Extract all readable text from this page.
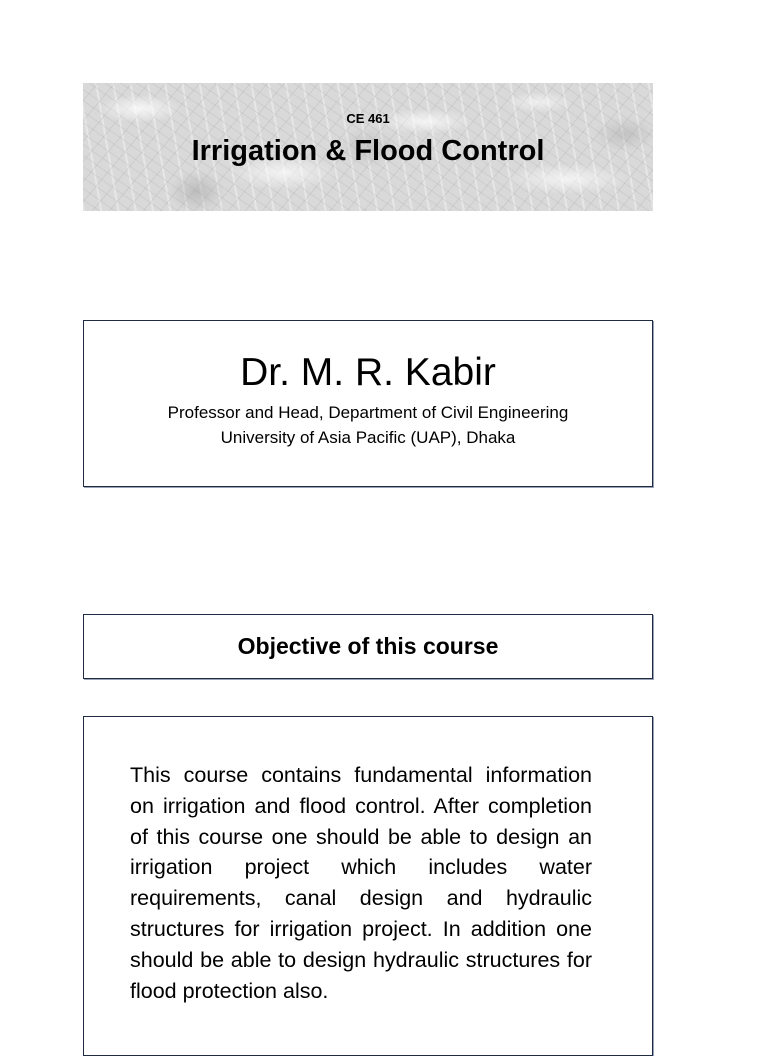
CE 461
Irrigation & Flood Control
Dr. M. R. Kabir
Professor and Head, Department of Civil Engineering
University of Asia Pacific (UAP), Dhaka
Objective of this course

This course contains fundamental information on irrigation and flood control. After completion of this course one should be able to design an irrigation project which includes water requirements, canal design and hydraulic structures for irrigation project. In addition one should be able to design hydraulic structures for flood protection also.
